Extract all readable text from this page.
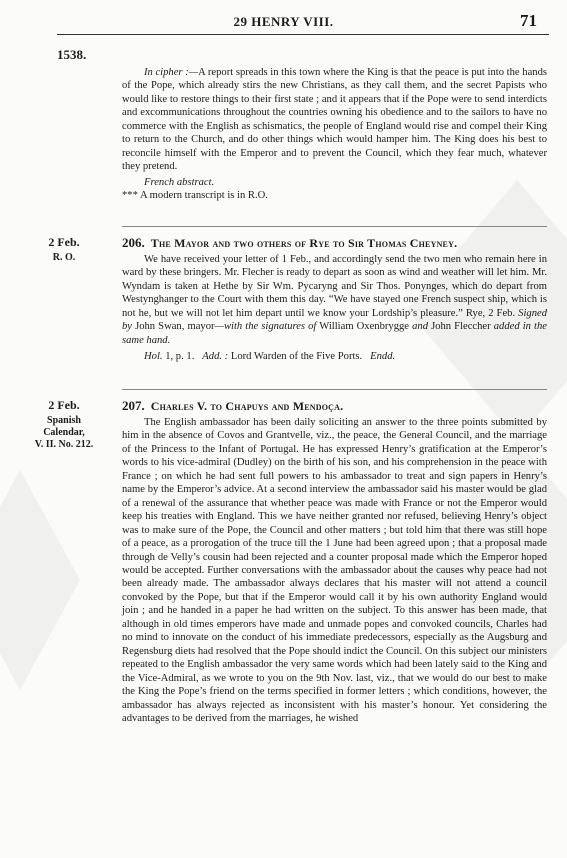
29 HENRY VIII.	71
1538.

In cipher :—A report spreads in this town where the King is that the peace is put into the hands of the Pope, which already stirs the new Christians, as they call them, and the secret Papists who would like to restore things to their first state ; and it appears that if the Pope were to send interdicts and excommunications throughout the countries owning his obedience and to the sailors to have no commerce with the English as schismatics, the people of England would rise and compel their King to return to the Church, and do other things which would hamper him. The King does his best to reconcile himself with the Emperor and to prevent the Council, which they fear much, whatever they pretend.

French abstract.

*** A modern transcript is in R.O.

2 Feb.
R. O.
206. The Mayor and two others of Rye to Sir Thomas Cheyney.

We have received your letter of 1 Feb., and accordingly send the two men who remain here in ward by these bringers. Mr. Flecher is ready to depart as soon as wind and weather will let him. Mr. Wyndam is taken at Hethe by Sir Wm. Pycaryng and Sir Thos. Ponynges, which do depart from Westynghanger to the Court with them this day. “We have stayed one French suspect ship, which is not he, but we will not let him depart until we know your Lordship’s pleasure.” Rye, 2 Feb. Signed by John Swan, mayor—with the signatures of William Oxenbrygge and John Fleccher added in the same hand.

Hol. 1, p. 1. Add. : Lord Warden of the Five Ports. Endd.

2 Feb.
Spanish
Calendar,
V. II. No. 212.
207. Charles V. to Chapuys and Mendoça.

The English ambassador has been daily soliciting an answer to the three points submitted by him in the absence of Covos and Grantvelle, viz., the peace, the General Council, and the marriage of the Princess to the Infant of Portugal. He has expressed Henry’s gratification at the Emperor’s words to his vice-admiral (Dudley) on the birth of his son, and his comprehension in the peace with France ; on which he had sent full powers to his ambassador to treat and sign papers in Henry’s name by the Emperor’s advice. At a second interview the ambassador said his master would be glad of a renewal of the assurance that whether peace was made with France or not the Emperor would keep his treaties with England. This we have neither granted nor refused, believing Henry’s object was to make sure of the Pope, the Council and other matters ; but told him that there was still hope of a peace, as a prorogation of the truce till the 1 June had been agreed upon ; that a proposal made through de Velly’s cousin had been rejected and a counter proposal made which the Emperor hoped would be accepted. Further conversations with the ambassador about the causes why peace had not been already made. The ambassador always declares that his master will not attend a council convoked by the Pope, but that if the Emperor would call it by his own authority England would join ; and he handed in a paper he had written on the subject. To this answer has been made, that although in old times emperors have made and unmade popes and convoked councils, Charles had no mind to innovate on the conduct of his immediate predecessors, especially as the Augsburg and Regensburg diets had resolved that the Pope should indict the Council. On this subject our ministers repeated to the English ambassador the very same words which had been lately said to the King and the Vice-Admiral, as we wrote to you on the 9th Nov. last, viz., that we would do our best to make the King the Pope’s friend on the terms specified in former letters ; which conditions, however, the ambassador has always rejected as inconsistent with his master’s honour. Yet considering the advantages to be derived from the marriages, he wished
